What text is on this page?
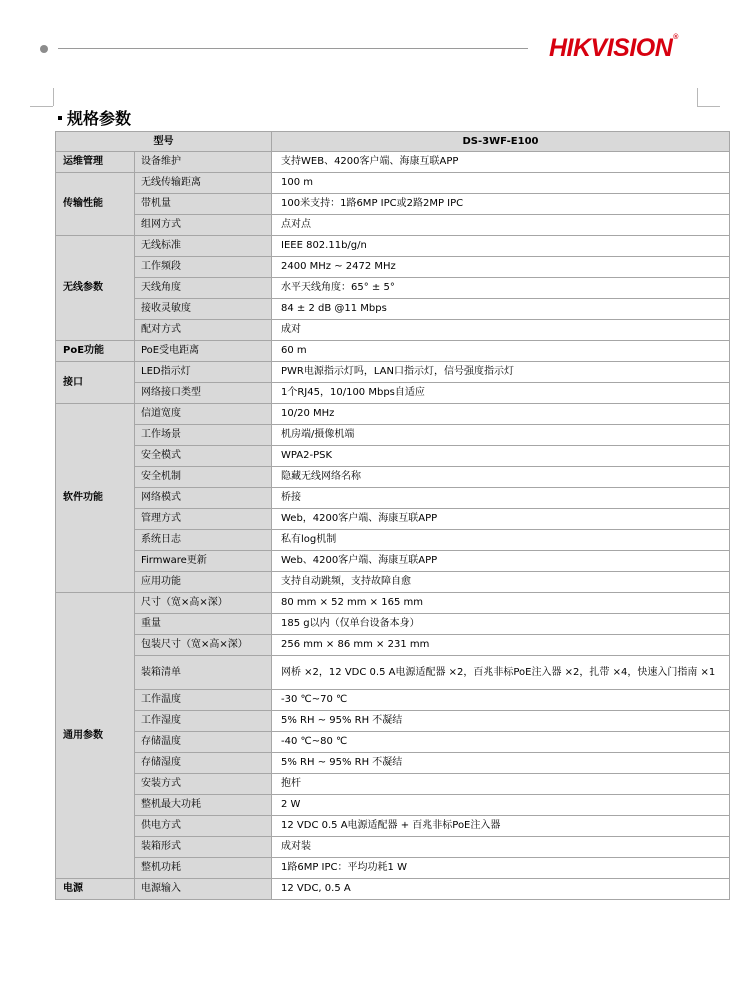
HIKVISION®
规格参数
型号		DS-3WF-E100
运维管理	设备维护	支持WEB、4200客户端、海康互联APP
传输性能	无线传输距离	100 m
	带机量	100米支持：1路6MP IPC或2路2MP IPC
	组网方式	点对点
无线参数	无线标准	IEEE 802.11b/g/n
	工作频段	2400 MHz ~ 2472 MHz
	天线角度	水平天线角度：65° ± 5°
	接收灵敏度	84 ± 2 dB @11 Mbps
	配对方式	成对
PoE功能	PoE受电距离	60 m
接口	LED指示灯	PWR电源指示灯吗，LAN口指示灯，信号强度指示灯
	网络接口类型	1个RJ45，10/100 Mbps自适应
软件功能	信道宽度	10/20 MHz
	工作场景	机房端/摄像机端
	安全模式	WPA2-PSK
	安全机制	隐藏无线网络名称
	网络模式	桥接
	管理方式	Web，4200客户端、海康互联APP
	系统日志	私有log机制
	Firmware更新	Web、4200客户端、海康互联APP
	应用功能	支持自动跳频，支持故障自愈
通用参数	尺寸（宽×高×深）	80 mm × 52 mm × 165 mm
	重量	185 g以内（仅单台设备本身）
	包装尺寸（宽×高×深）	256 mm × 86 mm × 231 mm
	装箱清单	网桥 ×2，12 VDC 0.5 A电源适配器 ×2，百兆非标PoE注入器 ×2，扎带 ×4，快速入门指南 ×1
	工作温度	-30 ℃~70 ℃
	工作湿度	5% RH ~ 95% RH 不凝结
	存储温度	-40 ℃~80 ℃
	存储湿度	5% RH ~ 95% RH 不凝结
	安装方式	抱杆
	整机最大功耗	2 W
	供电方式	12 VDC 0.5 A电源适配器 + 百兆非标PoE注入器
	装箱形式	成对装
	整机功耗	1路6MP IPC：平均功耗1 W
电源	电源输入	12 VDC, 0.5 A
